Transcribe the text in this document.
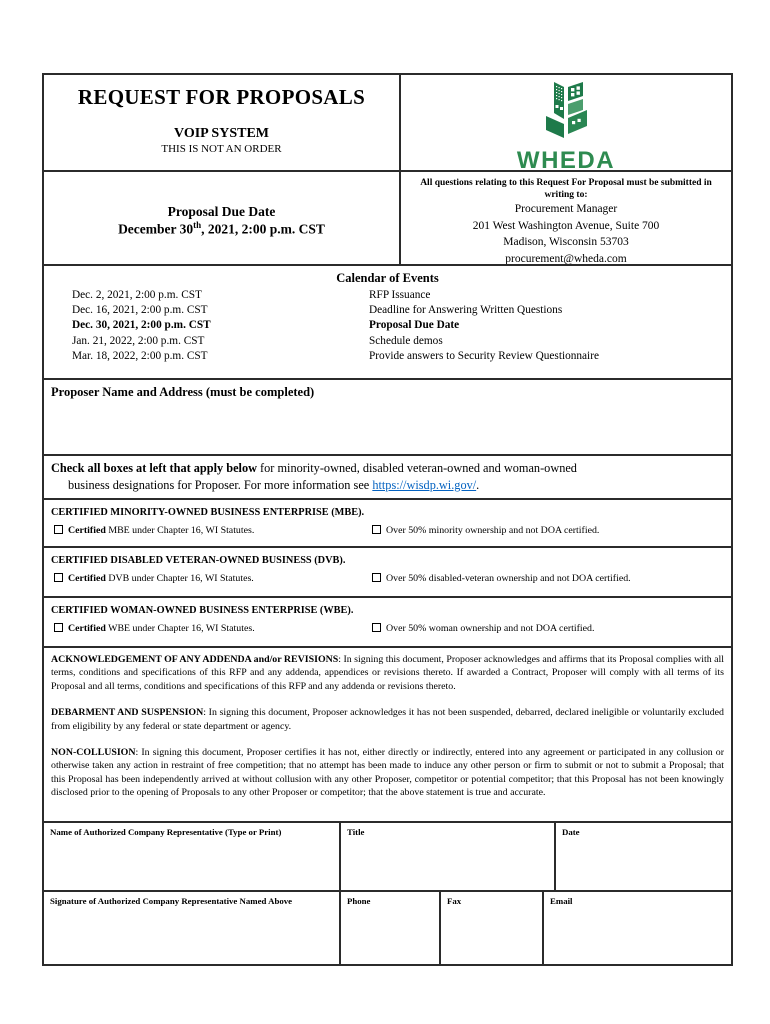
REQUEST FOR PROPOSALS
VOIP SYSTEM
THIS IS NOT AN ORDER	WHEDA
Proposal Due Date
December 30th, 2021, 2:00 p.m. CST
All questions relating to this Request For Proposal must be submitted in writing to:
Procurement Manager
201 West Washington Avenue, Suite 700
Madison, Wisconsin 53703
procurement@wheda.com
Calendar of Events
Dec. 2, 2021, 2:00 p.m. CST	RFP Issuance
Dec. 16, 2021, 2:00 p.m. CST	Deadline for Answering Written Questions
Dec. 30, 2021, 2:00 p.m. CST	Proposal Due Date
Jan. 21, 2022, 2:00 p.m. CST	Schedule demos
Mar. 18, 2022, 2:00 p.m. CST	Provide answers to Security Review Questionnaire
Proposer Name and Address (must be completed)
Check all boxes at left that apply below for minority-owned, disabled veteran-owned and woman-owned
business designations for Proposer. For more information see https://wisdp.wi.gov/.
CERTIFIED MINORITY-OWNED BUSINESS ENTERPRISE (MBE).
Certified MBE under Chapter 16, WI Statutes.	Over 50% minority ownership and not DOA certified.
CERTIFIED DISABLED VETERAN-OWNED BUSINESS (DVB).
Certified DVB under Chapter 16, WI Statutes.	Over 50% disabled-veteran ownership and not DOA certified.
CERTIFIED WOMAN-OWNED BUSINESS ENTERPRISE (WBE).
Certified WBE under Chapter 16, WI Statutes.	Over 50% woman ownership and not DOA certified.
ACKNOWLEDGEMENT OF ANY ADDENDA and/or REVISIONS: In signing this document, Proposer acknowledges and affirms that its Proposal complies with all terms, conditions and specifications of this RFP and any addenda, appendices or revisions thereto. If awarded a Contract, Proposer will comply with all terms of its Proposal and all terms, conditions and specifications of this RFP and any addenda or revisions thereto.
DEBARMENT AND SUSPENSION: In signing this document, Proposer acknowledges it has not been suspended, debarred, declared ineligible or voluntarily excluded from eligibility by any federal or state department or agency.
NON-COLLUSION: In signing this document, Proposer certifies it has not, either directly or indirectly, entered into any agreement or participated in any collusion or otherwise taken any action in restraint of free competition; that no attempt has been made to induce any other person or firm to submit or not to submit a Proposal; that this Proposal has been independently arrived at without collusion with any other Proposer, competitor or potential competitor; that this Proposal has not been knowingly disclosed prior to the opening of Proposals to any other Proposer or competitor; that the above statement is true and accurate.
Name of Authorized Company Representative (Type or Print)	Title	Date
Signature of Authorized Company Representative Named Above	Phone	Fax	Email
